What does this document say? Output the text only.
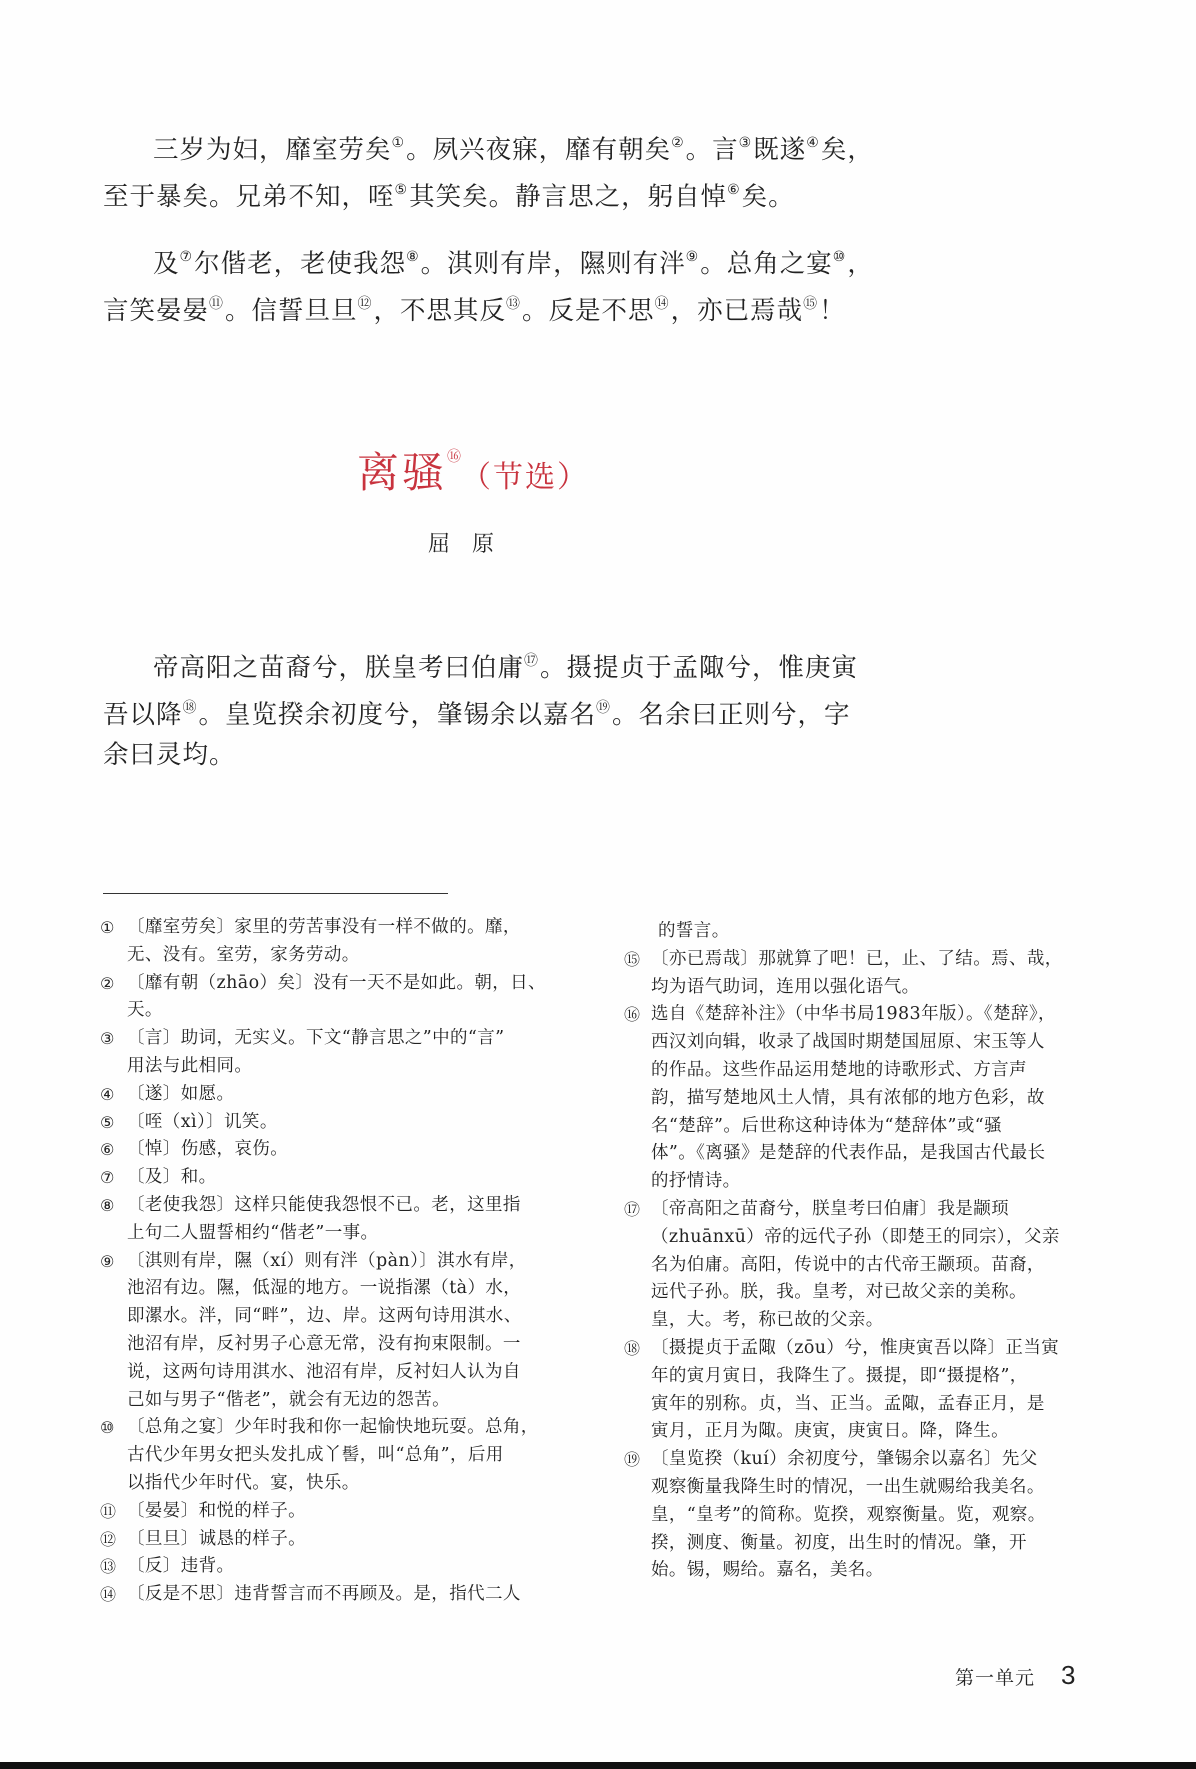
三岁为妇，靡室劳矣①。夙兴夜寐，靡有朝矣②。言③既遂④矣，
至于暴矣。兄弟不知，咥⑤其笑矣。静言思之，躬自悼⑥矣。
及⑦尔偕老，老使我怨⑧。淇则有岸，隰则有泮⑨。总角之宴⑩，
言笑晏晏⑪。信誓旦旦⑫，不思其反⑬。反是不思⑭，亦已焉哉⑮！
离骚⑯（节选）
屈原
帝高阳之苗裔兮，朕皇考曰伯庸⑰。摄提贞于孟陬兮，惟庚寅
吾以降⑱。皇览揆余初度兮，肇锡余以嘉名⑲。名余曰正则兮，字
余曰灵均。
① 〔靡室劳矣〕家里的劳苦事没有一样不做的。靡，
无、没有。室劳，家务劳动。
② 〔靡有朝（zhāo）矣〕没有一天不是如此。朝，日、天。
③ 〔言〕助词，无实义。下文“静言思之”中的“言”
用法与此相同。
④ 〔遂〕如愿。
⑤ 〔咥（xì）〕讥笑。
⑥ 〔悼〕伤感，哀伤。
⑦ 〔及〕和。
⑧ 〔老使我怨〕这样只能使我怨恨不已。老，这里指
上句二人盟誓相约“偕老”一事。
⑨ 〔淇则有岸，隰（xí）则有泮（pàn）〕淇水有岸，
池沼有边。隰，低湿的地方。一说指漯（tà）水，
即漯水。泮，同“畔”，边、岸。这两句诗用淇水、
池沼有岸，反衬男子心意无常，没有拘束限制。一
说，这两句诗用淇水、池沼有岸，反衬妇人认为自
己如与男子“偕老”，就会有无边的怨苦。
⑩ 〔总角之宴〕少年时我和你一起愉快地玩耍。总角，
古代少年男女把头发扎成丫髻，叫“总角”，后用
以指代少年时代。宴，快乐。
⑪ 〔晏晏〕和悦的样子。
⑫ 〔旦旦〕诚恳的样子。
⑬ 〔反〕违背。
⑭ 〔反是不思〕违背誓言而不再顾及。是，指代二人
的誓言。
⑮ 〔亦已焉哉〕那就算了吧！已，止、了结。焉、哉，
均为语气助词，连用以强化语气。
⑯ 选自《楚辞补注》（中华书局1983年版）。《楚辞》，
西汉刘向辑，收录了战国时期楚国屈原、宋玉等人
的作品。这些作品运用楚地的诗歌形式、方言声
韵，描写楚地风土人情，具有浓郁的地方色彩，故
名“楚辞”。后世称这种诗体为“楚辞体”或“骚
体”。《离骚》是楚辞的代表作品，是我国古代最长
的抒情诗。
⑰ 〔帝高阳之苗裔兮，朕皇考曰伯庸〕我是颛顼
（zhuānxū）帝的远代子孙（即楚王的同宗），父亲
名为伯庸。高阳，传说中的古代帝王颛顼。苗裔，
远代子孙。朕，我。皇考，对已故父亲的美称。
皇，大。考，称已故的父亲。
⑱ 〔摄提贞于孟陬（zōu）兮，惟庚寅吾以降〕正当寅
年的寅月寅日，我降生了。摄提，即“摄提格”，
寅年的别称。贞，当、正当。孟陬，孟春正月，是
寅月，正月为陬。庚寅，庚寅日。降，降生。
⑲ 〔皇览揆（kuí）余初度兮，肇锡余以嘉名〕先父
观察衡量我降生时的情况，一出生就赐给我美名。
皇，“皇考”的简称。览揆，观察衡量。览，观察。
揆，测度、衡量。初度，出生时的情况。肇，开
始。锡，赐给。嘉名，美名。
第一单元 3
